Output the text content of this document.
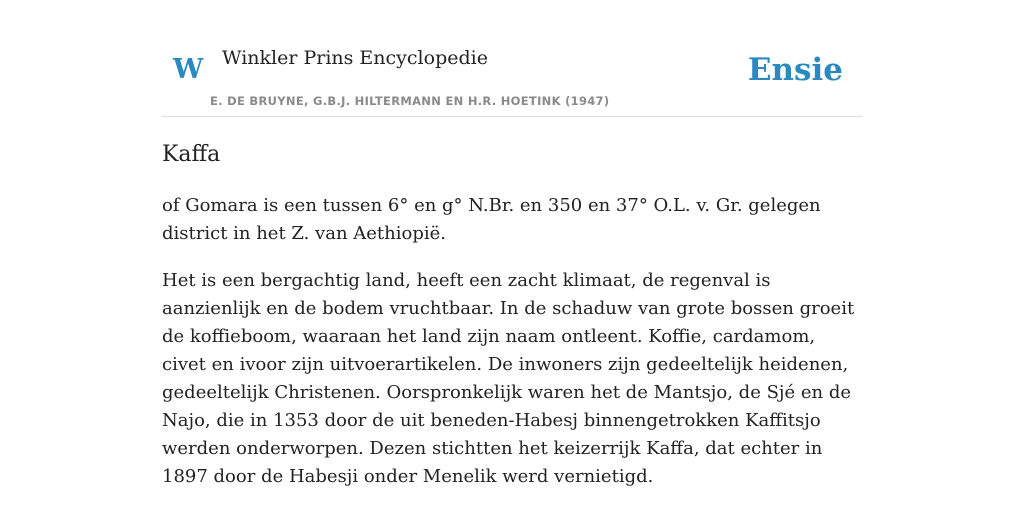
W Winkler Prins Encyclopedie
E. DE BRUYNE, G.B.J. HILTERMANN EN H.R. HOETINK (1947)
Ensie
Kaffa

of Gomara is een tussen 6° en g° N.Br. en 350 en 37° O.L. v. Gr. gelegen district in het Z. van Aethiopië.

Het is een bergachtig land, heeft een zacht klimaat, de regenval is aanzienlijk en de bodem vruchtbaar. In de schaduw van grote bossen groeit de koffieboom, waaraan het land zijn naam ontleent. Koffie, cardamom, civet en ivoor zijn uitvoerartikelen. De inwoners zijn gedeeltelijk heidenen, gedeeltelijk Christenen. Oorspronkelijk waren het de Mantsjo, de Sjé en de Najo, die in 1353 door de uit beneden-Habesj binnengetrokken Kaffitsjo werden onderworpen. Dezen stichtten het keizerrijk Kaffa, dat echter in 1897 door de Habesji onder Menelik werd vernietigd.
